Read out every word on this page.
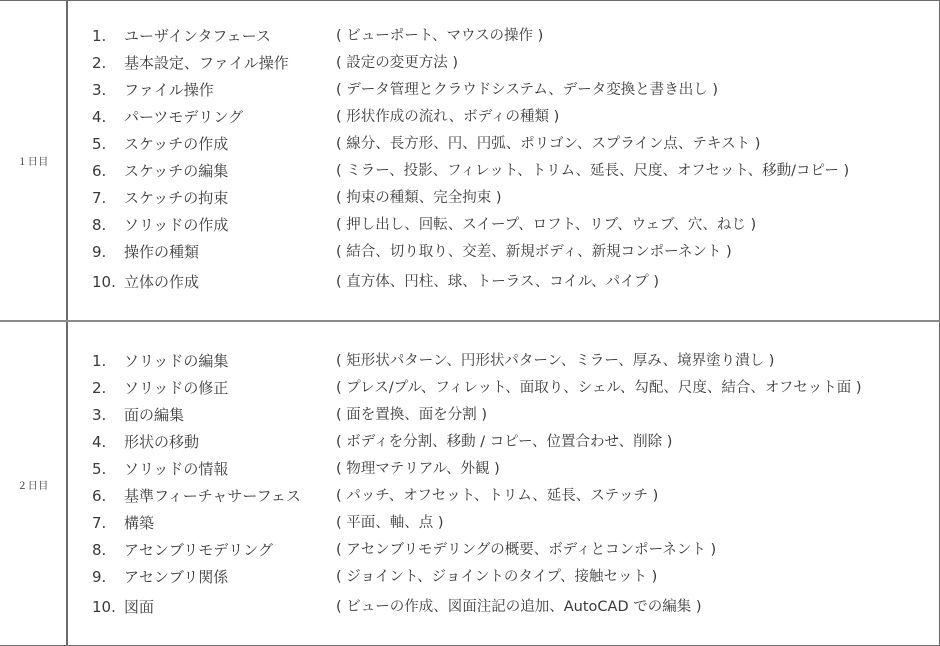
１日目
1.	ユーザインタフェース	( ビューポート、マウスの操作 )
2.	基本設定、ファイル操作	( 設定の変更方法 )
3.	ファイル操作	( データ管理とクラウドシステム、データ変換と書き出し )
4.	パーツモデリング	( 形状作成の流れ、ボディの種類 )
5.	スケッチの作成	( 線分、長方形、円、円弧、ポリゴン、スプライン点、テキスト )
6.	スケッチの編集	( ミラー、投影、フィレット、トリム、延長、尺度、オフセット、移動/コピー )
7.	スケッチの拘束	( 拘束の種類、完全拘束 )
8.	ソリッドの作成	( 押し出し、回転、スイープ、ロフト、リブ、ウェブ、穴、ねじ )
9.	操作の種類	( 結合、切り取り、交差、新規ボディ、新規コンポーネント )
10. 立体の作成	( 直方体、円柱、球、トーラス、コイル、パイプ )
２日目
1.	ソリッドの編集	( 矩形状パターン、円形状パターン、ミラー、厚み、境界塗り潰し )
2.	ソリッドの修正	( プレス/プル、フィレット、面取り、シェル、勾配、尺度、結合、オフセット面 )
3.	面の編集	( 面を置換、面を分割 )
4.	形状の移動	( ボディを分割、移動 / コピー、位置合わせ、削除 )
5.	ソリッドの情報	( 物理マテリアル、外観 )
6.	基準フィーチャサーフェス ( パッチ、オフセット、トリム、延長、ステッチ )
7.	構築	( 平面、軸、点 )
8.	アセンブリモデリング	( アセンブリモデリングの概要、ボディとコンポーネント )
9.	アセンブリ関係	( ジョイント、ジョイントのタイプ、接触セット )
10. 図面	( ビューの作成、図面注記の追加、AutoCAD での編集 )
